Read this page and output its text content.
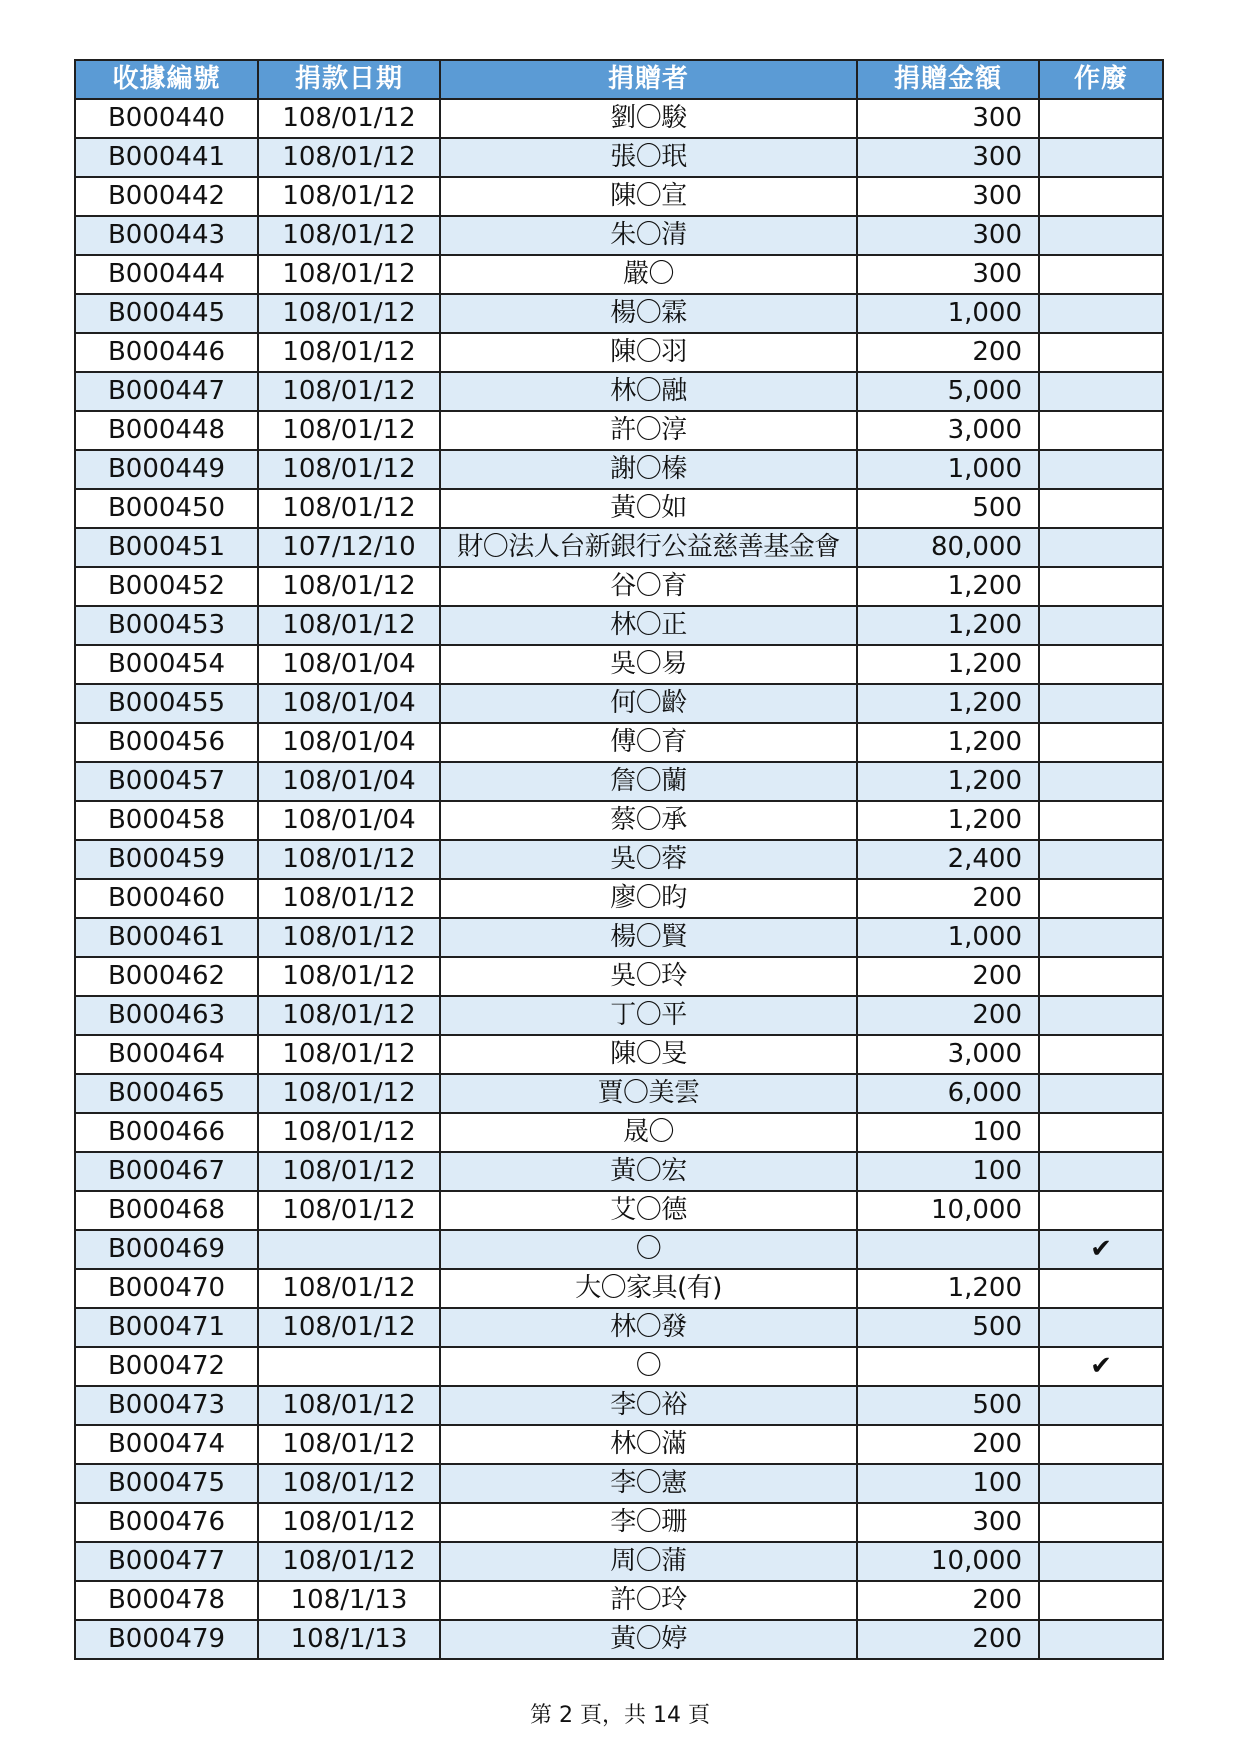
收據編號	捐款日期	捐贈者	捐贈金額	作廢
B000440	108/01/12	劉〇駿	300	
B000441	108/01/12	張〇珉	300	
B000442	108/01/12	陳〇宣	300	
B000443	108/01/12	朱〇清	300	
B000444	108/01/12	嚴〇	300	
B000445	108/01/12	楊〇霖	1,000	
B000446	108/01/12	陳〇羽	200	
B000447	108/01/12	林〇融	5,000	
B000448	108/01/12	許〇淳	3,000	
B000449	108/01/12	謝〇榛	1,000	
B000450	108/01/12	黃〇如	500	
B000451	107/12/10	財〇法人台新銀行公益慈善基金會	80,000	
B000452	108/01/12	谷〇育	1,200	
B000453	108/01/12	林〇正	1,200	
B000454	108/01/04	吳〇易	1,200	
B000455	108/01/04	何〇齡	1,200	
B000456	108/01/04	傅〇育	1,200	
B000457	108/01/04	詹〇蘭	1,200	
B000458	108/01/04	蔡〇承	1,200	
B000459	108/01/12	吳〇蓉	2,400	
B000460	108/01/12	廖〇昀	200	
B000461	108/01/12	楊〇賢	1,000	
B000462	108/01/12	吳〇玲	200	
B000463	108/01/12	丁〇平	200	
B000464	108/01/12	陳〇旻	3,000	
B000465	108/01/12	賈〇美雲	6,000	
B000466	108/01/12	晟〇	100	
B000467	108/01/12	黃〇宏	100	
B000468	108/01/12	艾〇德	10,000	
B000469		〇		✔
B000470	108/01/12	大〇家具(有)	1,200	
B000471	108/01/12	林〇發	500	
B000472		〇		✔
B000473	108/01/12	李〇裕	500	
B000474	108/01/12	林〇滿	200	
B000475	108/01/12	李〇憲	100	
B000476	108/01/12	李〇珊	300	
B000477	108/01/12	周〇蒲	10,000	
B000478	108/1/13	許〇玲	200	
B000479	108/1/13	黃〇婷	200	
第 2 頁，共 14 頁
